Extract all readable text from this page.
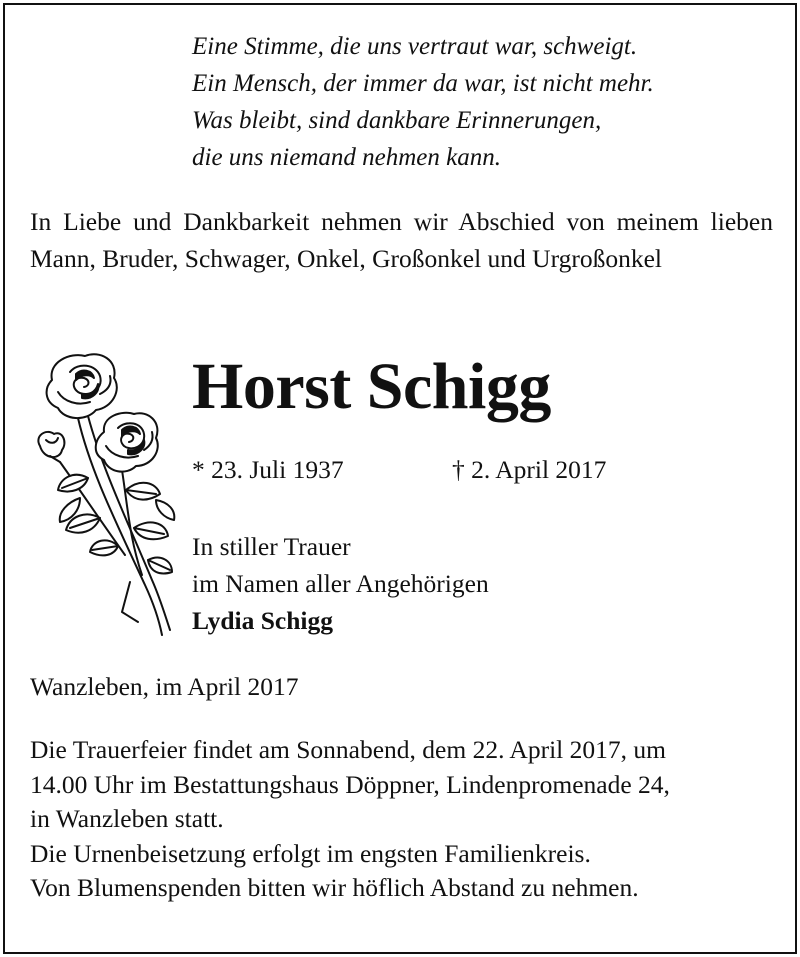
Eine Stimme, die uns vertraut war, schweigt.
Ein Mensch, der immer da war, ist nicht mehr.
Was bleibt, sind dankbare Erinnerungen,
die uns niemand nehmen kann.
In Liebe und Dankbarkeit nehmen wir Abschied von meinem lieben Mann, Bruder, Schwager, Onkel, Großonkel und Urgroßonkel
Horst Schigg
* 23. Juli 1937	† 2. April 2017
In stiller Trauer
im Namen aller Angehörigen
Lydia Schigg
Wanzleben, im April 2017
Die Trauerfeier findet am Sonnabend, dem 22. April 2017, um
14.00 Uhr im Bestattungshaus Döppner, Lindenpromenade 24,
in Wanzleben statt.
Die Urnenbeisetzung erfolgt im engsten Familienkreis.
Von Blumenspenden bitten wir höflich Abstand zu nehmen.
